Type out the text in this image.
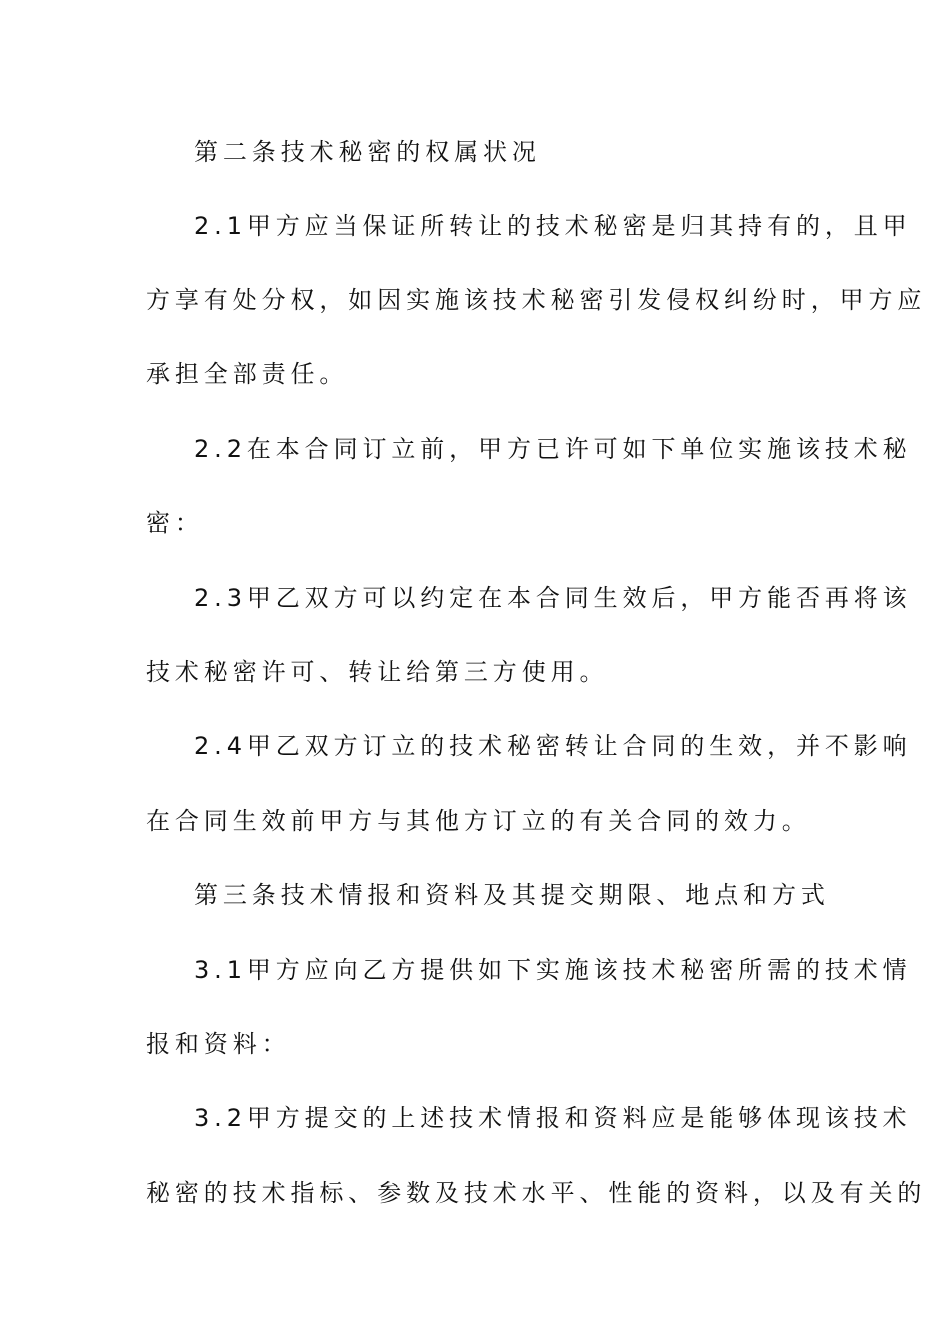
第二条技术秘密的权属状况
2.1甲方应当保证所转让的技术秘密是归其持有的，且甲
方享有处分权，如因实施该技术秘密引发侵权纠纷时，甲方应
承担全部责任。
2.2在本合同订立前，甲方已许可如下单位实施该技术秘
密：
2.3甲乙双方可以约定在本合同生效后，甲方能否再将该
技术秘密许可、转让给第三方使用。
2.4甲乙双方订立的技术秘密转让合同的生效，并不影响
在合同生效前甲方与其他方订立的有关合同的效力。
第三条技术情报和资料及其提交期限、地点和方式
3.1甲方应向乙方提供如下实施该技术秘密所需的技术情
报和资料：
3.2甲方提交的上述技术情报和资料应是能够体现该技术
秘密的技术指标、参数及技术水平、性能的资料，以及有关的
